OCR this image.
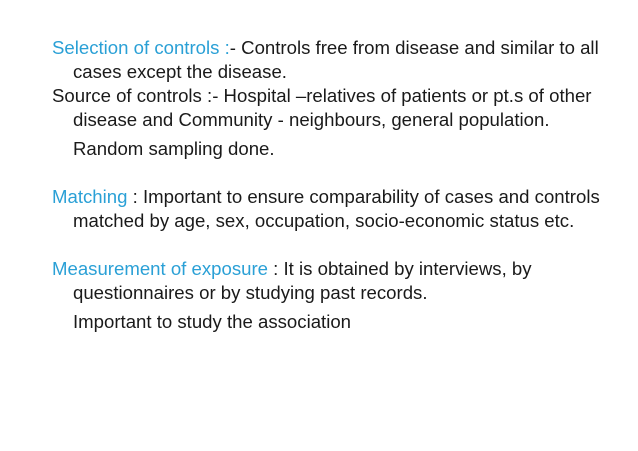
Selection of controls :- Controls free from disease and similar to all cases except the disease.

Source of controls :- Hospital –relatives of patients or pt.s of other disease and Community - neighbours, general population.

Random sampling done.

Matching : Important to ensure comparability of cases and controls matched by age, sex, occupation, socio-economic status etc.

Measurement of exposure : It is obtained by interviews, by questionnaires or by studying past records.

Important to study the association
